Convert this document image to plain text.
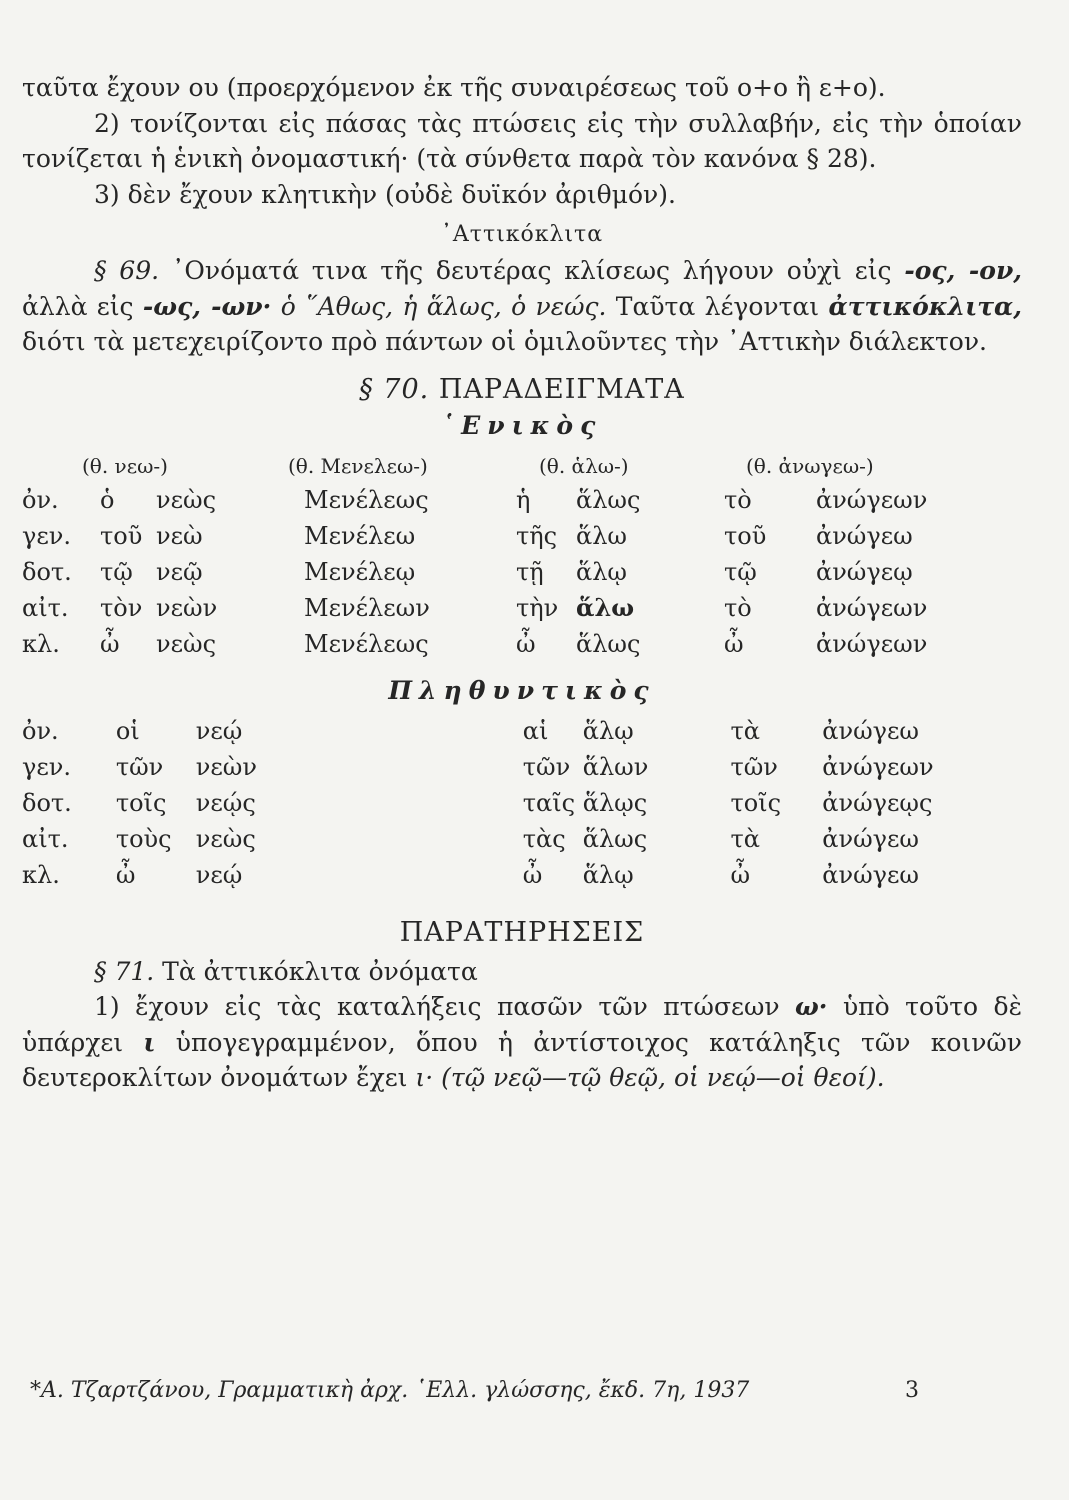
ταῦτα ἔχουν ου (προερχόμενον ἐκ τῆς συναιρέσεως τοῦ ο+ο ἢ ε+ο).

2) τονίζονται εἰς πάσας τὰς πτώσεις εἰς τὴν συλλαβήν, εἰς τὴν ὁποίαν τονίζεται ἡ ἑνικὴ ὀνομαστική· (τὰ σύνθετα παρὰ τὸν κανόνα § 28).

3) δὲν ἔχουν κλητικὴν (οὐδὲ δυϊκόν ἀριθμόν).

᾿Αττικόκλιτα

§ 69. ᾿Ονόματά τινα τῆς δευτέρας κλίσεως λήγουν οὐχὶ εἰς -ος, -ον, ἀλλὰ εἰς -ως, -ων· ὁ ῞Αθως, ἡ ἅλως, ὁ νεώς. Ταῦτα λέγονται ἀττικόκλιτα, διότι τὰ μετεχειρίζοντο πρὸ πάντων οἱ ὁμιλοῦντες τὴν ᾿Αττικὴν διάλεκτον.

§ 70. ΠΑΡΑΔΕΙΓΜΑΤΑ
῾Ενικὸς
(θ. νεω-)	(θ. Μενελεω-)	(θ. ἁλω-)	(θ. ἀνωγεω-)
ὀν.	ὁ	νεὼς	Μενέλεως	ἡ	ἅλως	τὸ	ἀνώγεων
γεν.	τοῦ	νεὼ	Μενέλεω	τῆς	ἅλω	τοῦ	ἀνώγεω
δοτ.	τῷ	νεῷ	Μενέλεῳ	τῇ	ἅλῳ	τῷ	ἀνώγεῳ
αἰτ.	τὸν	νεὼν	Μενέλεων	τὴν	ἅλω	τὸ	ἀνώγεων
κλ.	ὦ	νεὼς	Μενέλεως	ὦ	ἅλως	ὦ	ἀνώγεων
Πληθυντικὸς
ὀν.	οἱ	νεῴ	αἱ	ἅλῳ	τὰ	ἀνώγεω
γεν.	τῶν	νεὼν	τῶν	ἅλων	τῶν	ἀνώγεων
δοτ.	τοῖς	νεῴς	ταῖς	ἅλῳς	τοῖς	ἀνώγεῳς
αἰτ.	τοὺς	νεὼς	τὰς	ἅλως	τὰ	ἀνώγεω
κλ.	ὦ	νεῴ	ὦ	ἅλῳ	ὦ	ἀνώγεω
ΠΑΡΑΤΗΡΗΣΕΙΣ

§ 71. Τὰ ἀττικόκλιτα ὀνόματα

1) ἔχουν εἰς τὰς καταλήξεις πασῶν τῶν πτώσεων ω· ὑπὸ τοῦτο δὲ ὑπάρχει ι ὑπογεγραμμένον, ὅπου ἡ ἀντίστοιχος κατάληξις τῶν κοινῶν δευτεροκλίτων ὀνομάτων ἔχει ι· (τῷ νεῷ—τῷ θεῷ, οἱ νεῴ—οἱ θεοί).

*Α. Τζαρτζάνου, Γραμματικὴ ἀρχ. ῾Ελλ. γλώσσης, ἔκδ. 7η, 1937	3
